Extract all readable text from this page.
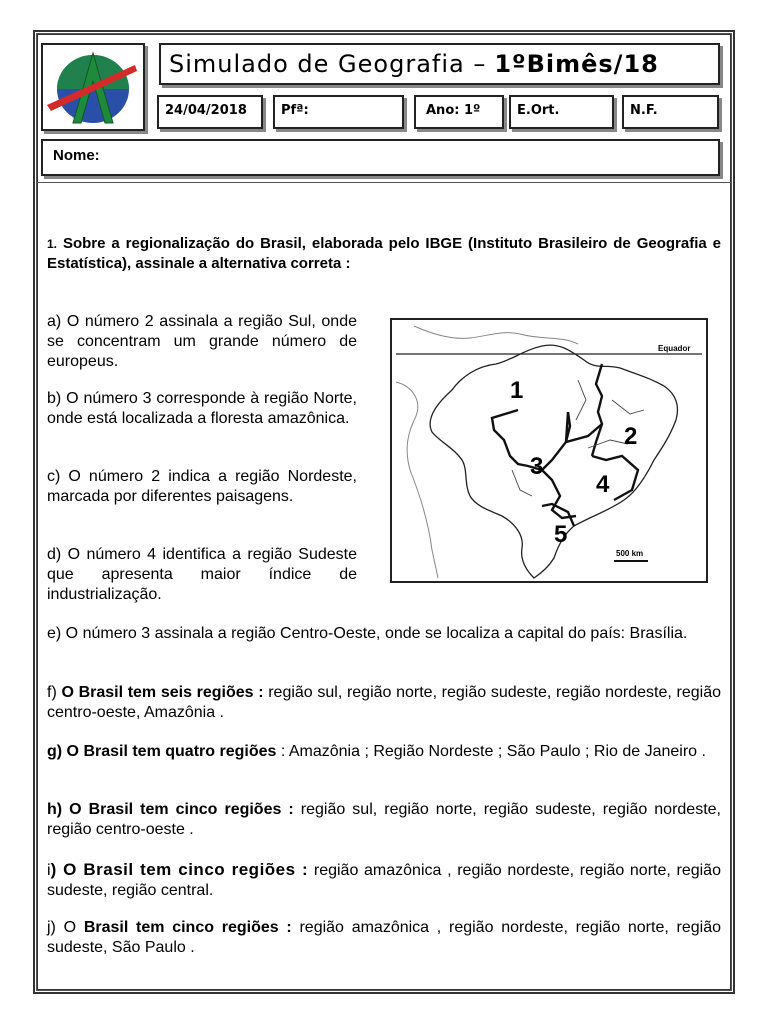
Simulado de Geografia – 1ºBimês/18
24/04/2018	Pfª:	Ano: 1º	E.Ort.	N.F.
Nome:
1. Sobre a regionalização do Brasil, elaborada pelo IBGE (Instituto Brasileiro de Geografia e Estatística), assinale a alternativa correta :
a) O número 2 assinala a região Sul, onde se concentram um grande número de europeus.
b) O número 3 corresponde à região Norte, onde está localizada a floresta amazônica.
c) O número 2 indica a região Nordeste, marcada por diferentes paisagens.
d) O número 4 identifica a região Sudeste que apresenta maior índice de industrialização.
Equador
1
2
3
4
5
500 km
e) O número 3 assinala a região Centro-Oeste, onde se localiza a capital do país: Brasília.
f) O Brasil tem seis regiões : região sul, região norte, região sudeste, região nordeste, região centro-oeste, Amazônia .
g) O Brasil tem quatro regiões : Amazônia ; Região Nordeste ; São Paulo ; Rio de Janeiro .
h) O Brasil tem cinco regiões : região sul, região norte, região sudeste, região nordeste, região centro-oeste .
i) O Brasil tem cinco regiões : região amazônica , região nordeste, região norte, região sudeste, região central.
j) O Brasil tem cinco regiões : região amazônica , região nordeste, região norte, região sudeste, São Paulo .
